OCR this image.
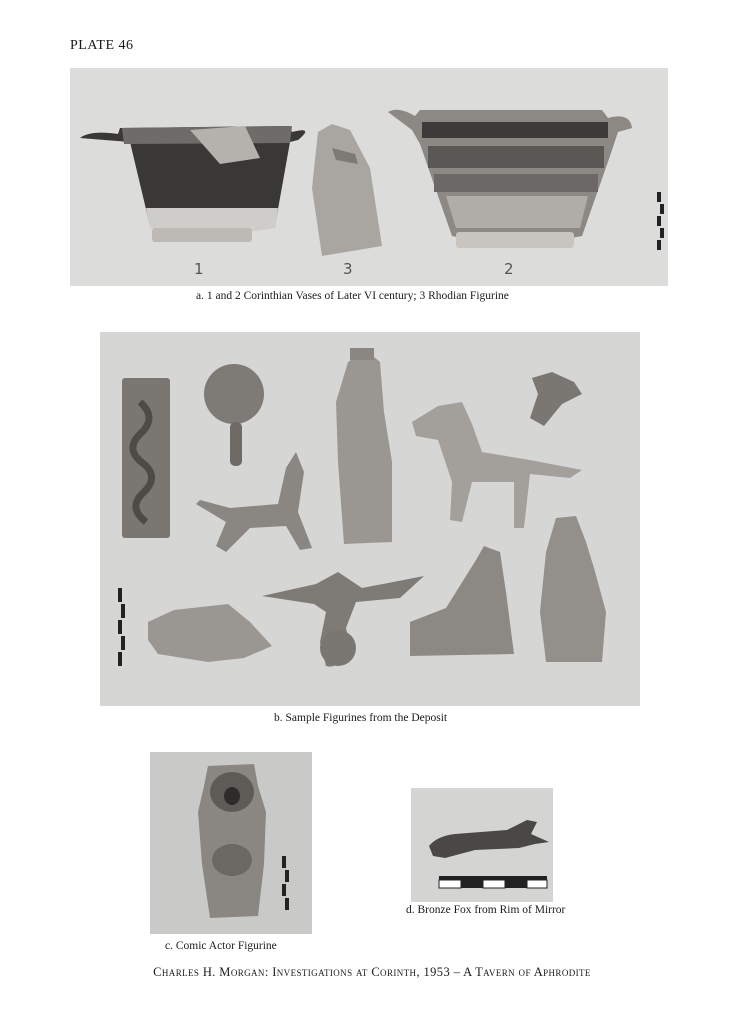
PLATE 46
1	3	2
a. 1 and 2 Corinthian Vases of Later VI century; 3 Rhodian Figurine
b. Sample Figurines from the Deposit
c. Comic Actor Figurine
d. Bronze Fox from Rim of Mirror
Charles H. Morgan: Investigations at Corinth, 1953 – A Tavern of Aphrodite
